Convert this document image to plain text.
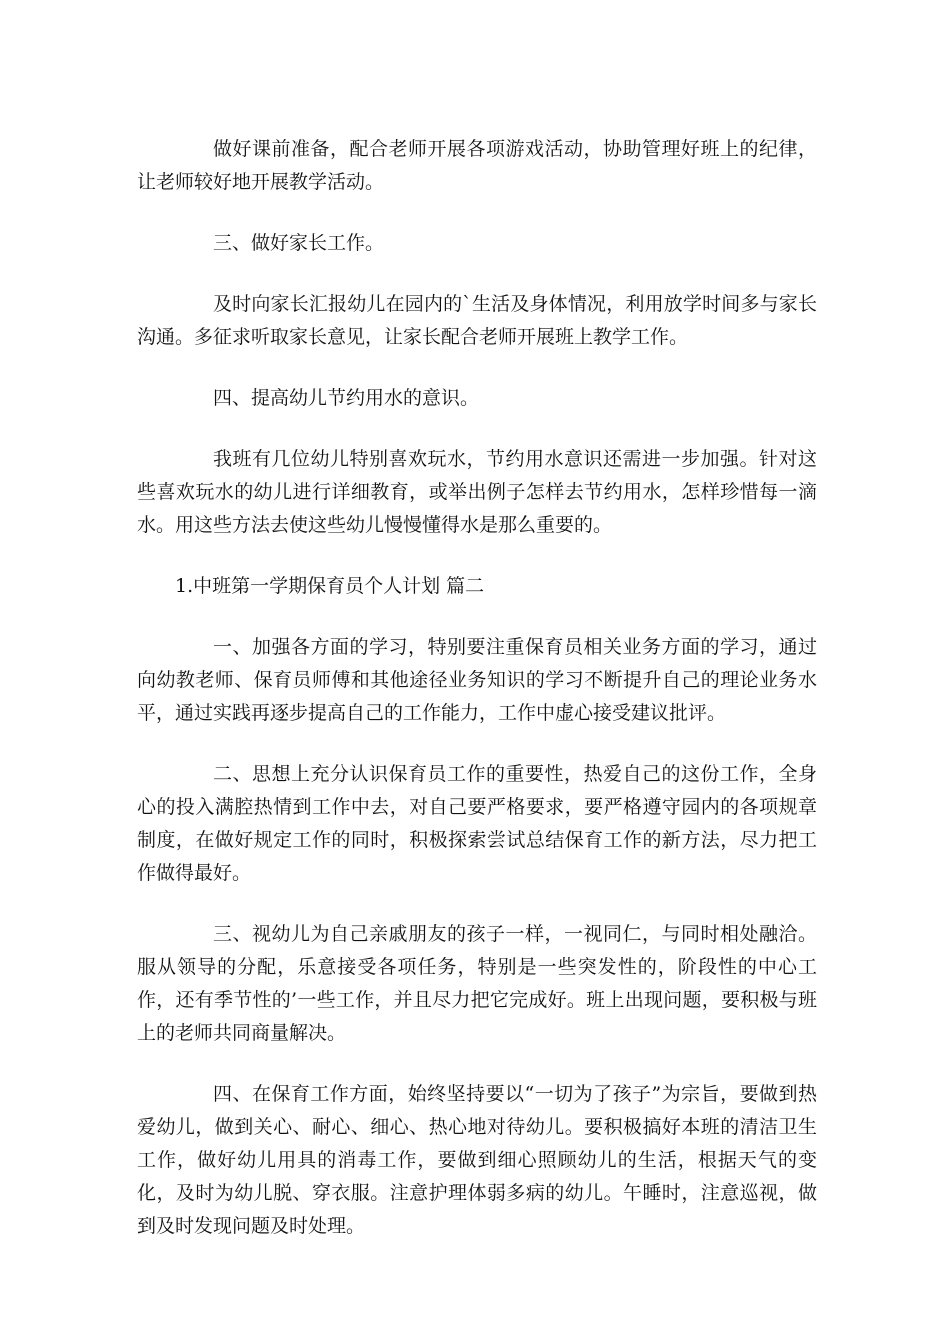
做好课前准备，配合老师开展各项游戏活动，协助管理好班上的纪律，让老师较好地开展教学活动。

三、做好家长工作。

及时向家长汇报幼儿在园内的`生活及身体情况，利用放学时间多与家长沟通。多征求听取家长意见，让家长配合老师开展班上教学工作。

四、提高幼儿节约用水的意识。

我班有几位幼儿特别喜欢玩水，节约用水意识还需进一步加强。针对这些喜欢玩水的幼儿进行详细教育，或举出例子怎样去节约用水，怎样珍惜每一滴水。用这些方法去使这些幼儿慢慢懂得水是那么重要的。

1.中班第一学期保育员个人计划 篇二

一、加强各方面的学习，特别要注重保育员相关业务方面的学习，通过向幼教老师、保育员师傅和其他途径业务知识的学习不断提升自己的理论业务水平，通过实践再逐步提高自己的工作能力，工作中虚心接受建议批评。

二、思想上充分认识保育员工作的重要性，热爱自己的这份工作，全身心的投入满腔热情到工作中去，对自己要严格要求，要严格遵守园内的各项规章制度，在做好规定工作的同时，积极探索尝试总结保育工作的新方法，尽力把工作做得最好。

三、视幼儿为自己亲戚朋友的孩子一样，一视同仁，与同时相处融洽。服从领导的分配，乐意接受各项任务，特别是一些突发性的，阶段性的中心工作，还有季节性的’一些工作，并且尽力把它完成好。班上出现问题，要积极与班上的老师共同商量解决。

四、在保育工作方面，始终坚持要以“一切为了孩子”为宗旨，要做到热爱幼儿，做到关心、耐心、细心、热心地对待幼儿。要积极搞好本班的清洁卫生工作，做好幼儿用具的消毒工作，要做到细心照顾幼儿的生活，根据天气的变化，及时为幼儿脱、穿衣服。注意护理体弱多病的幼儿。午睡时，注意巡视，做到及时发现问题及时处理。
